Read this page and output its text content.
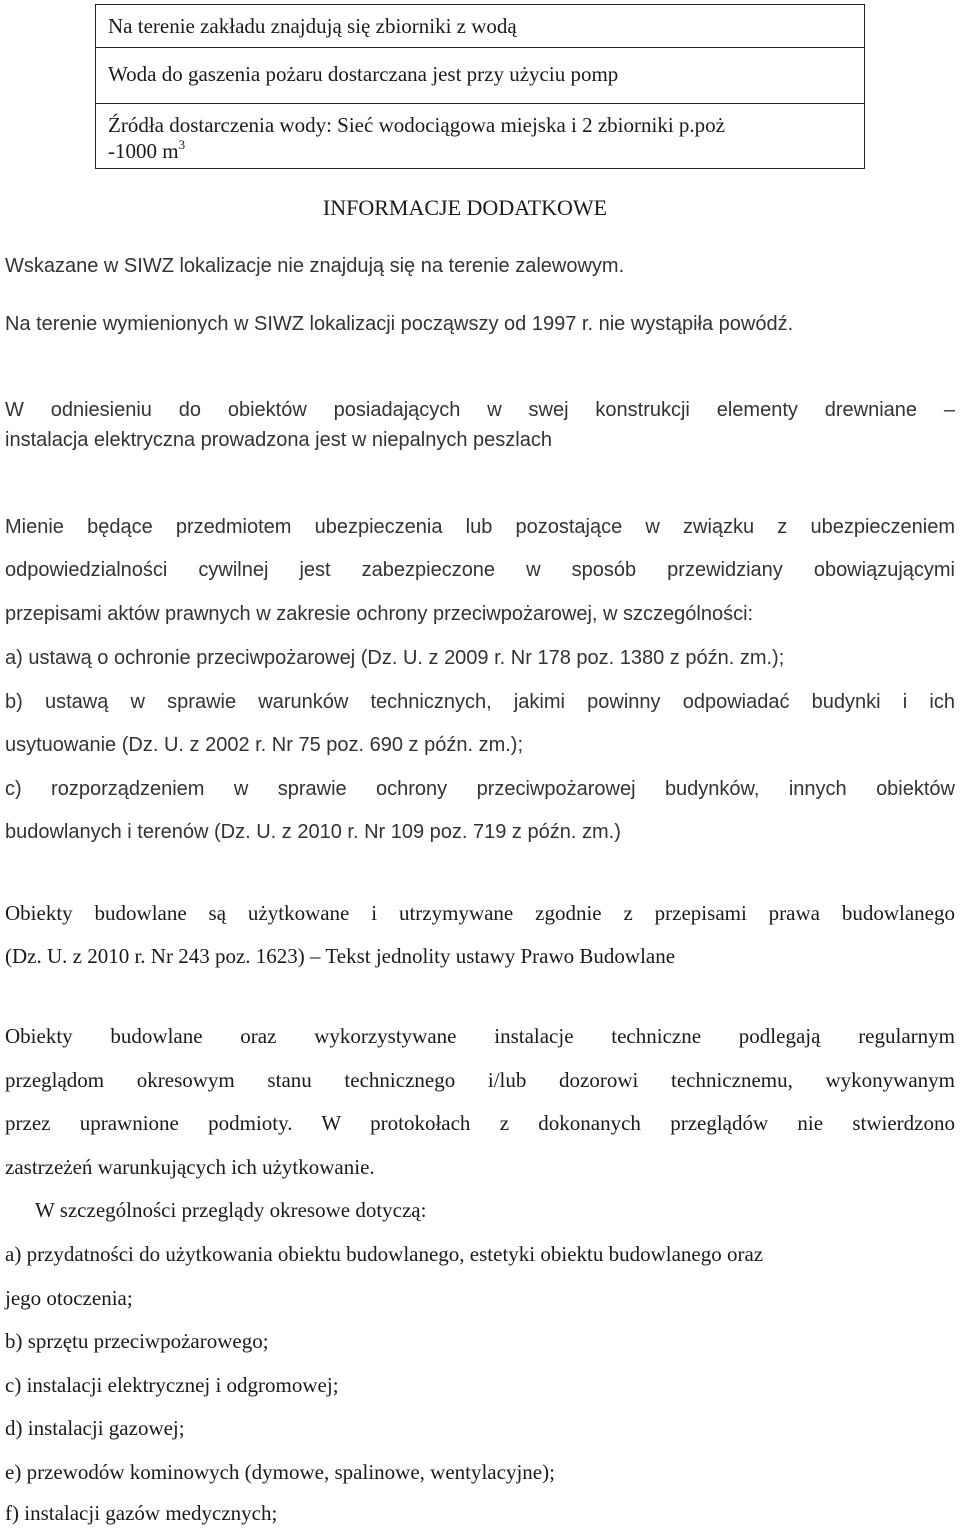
Na terenie zakładu znajdują się zbiorniki z wodą
Woda do gaszenia pożaru dostarczana jest przy użyciu pomp
Źródła dostarczenia wody: Sieć wodociągowa miejska i 2 zbiorniki p.poż
-1000 $m^3$
INFORMACJE DODATKOWE
Wskazane w SIWZ lokalizacje nie znajdują się na terenie zalewowym.
Na terenie wymienionych w SIWZ lokalizacji począwszy od 1997 r. nie wystąpiła powódź.
W odniesieniu do obiektów posiadających w swej konstrukcji elementy drewniane –
instalacja elektryczna prowadzona jest w niepalnych peszlach
Mienie będące przedmiotem ubezpieczenia lub pozostające w związku z ubezpieczeniem
odpowiedzialności cywilnej jest zabezpieczone w sposób przewidziany obowiązującymi
przepisami aktów prawnych w zakresie ochrony przeciwpożarowej, w szczególności:
a) ustawą o ochronie przeciwpożarowej (Dz. U. z 2009 r. Nr 178 poz. 1380 z późn. zm.);
b) ustawą w sprawie warunków technicznych, jakimi powinny odpowiadać budynki i ich
usytuowanie (Dz. U. z 2002 r. Nr 75 poz. 690 z późn. zm.);
c) rozporządzeniem w sprawie ochrony przeciwpożarowej budynków, innych obiektów
budowlanych i terenów (Dz. U. z 2010 r. Nr 109 poz. 719 z późn. zm.)
Obiekty budowlane są użytkowane i utrzymywane zgodnie z przepisami prawa budowlanego
(Dz. U. z 2010 r. Nr 243 poz. 1623) – Tekst jednolity ustawy Prawo Budowlane
Obiekty budowlane oraz wykorzystywane instalacje techniczne podlegają regularnym
przeglądom okresowym stanu technicznego i/lub dozorowi technicznemu, wykonywanym
przez uprawnione podmioty. W protokołach z dokonanych przeglądów nie stwierdzono
zastrzeżeń warunkujących ich użytkowanie.
W szczególności przeglądy okresowe dotyczą:
a) przydatności do użytkowania obiektu budowlanego, estetyki obiektu budowlanego oraz
jego otoczenia;
b) sprzętu przeciwpożarowego;
c) instalacji elektrycznej i odgromowej;
d) instalacji gazowej;
e) przewodów kominowych (dymowe, spalinowe, wentylacyjne);
f) instalacji gazów medycznych;
